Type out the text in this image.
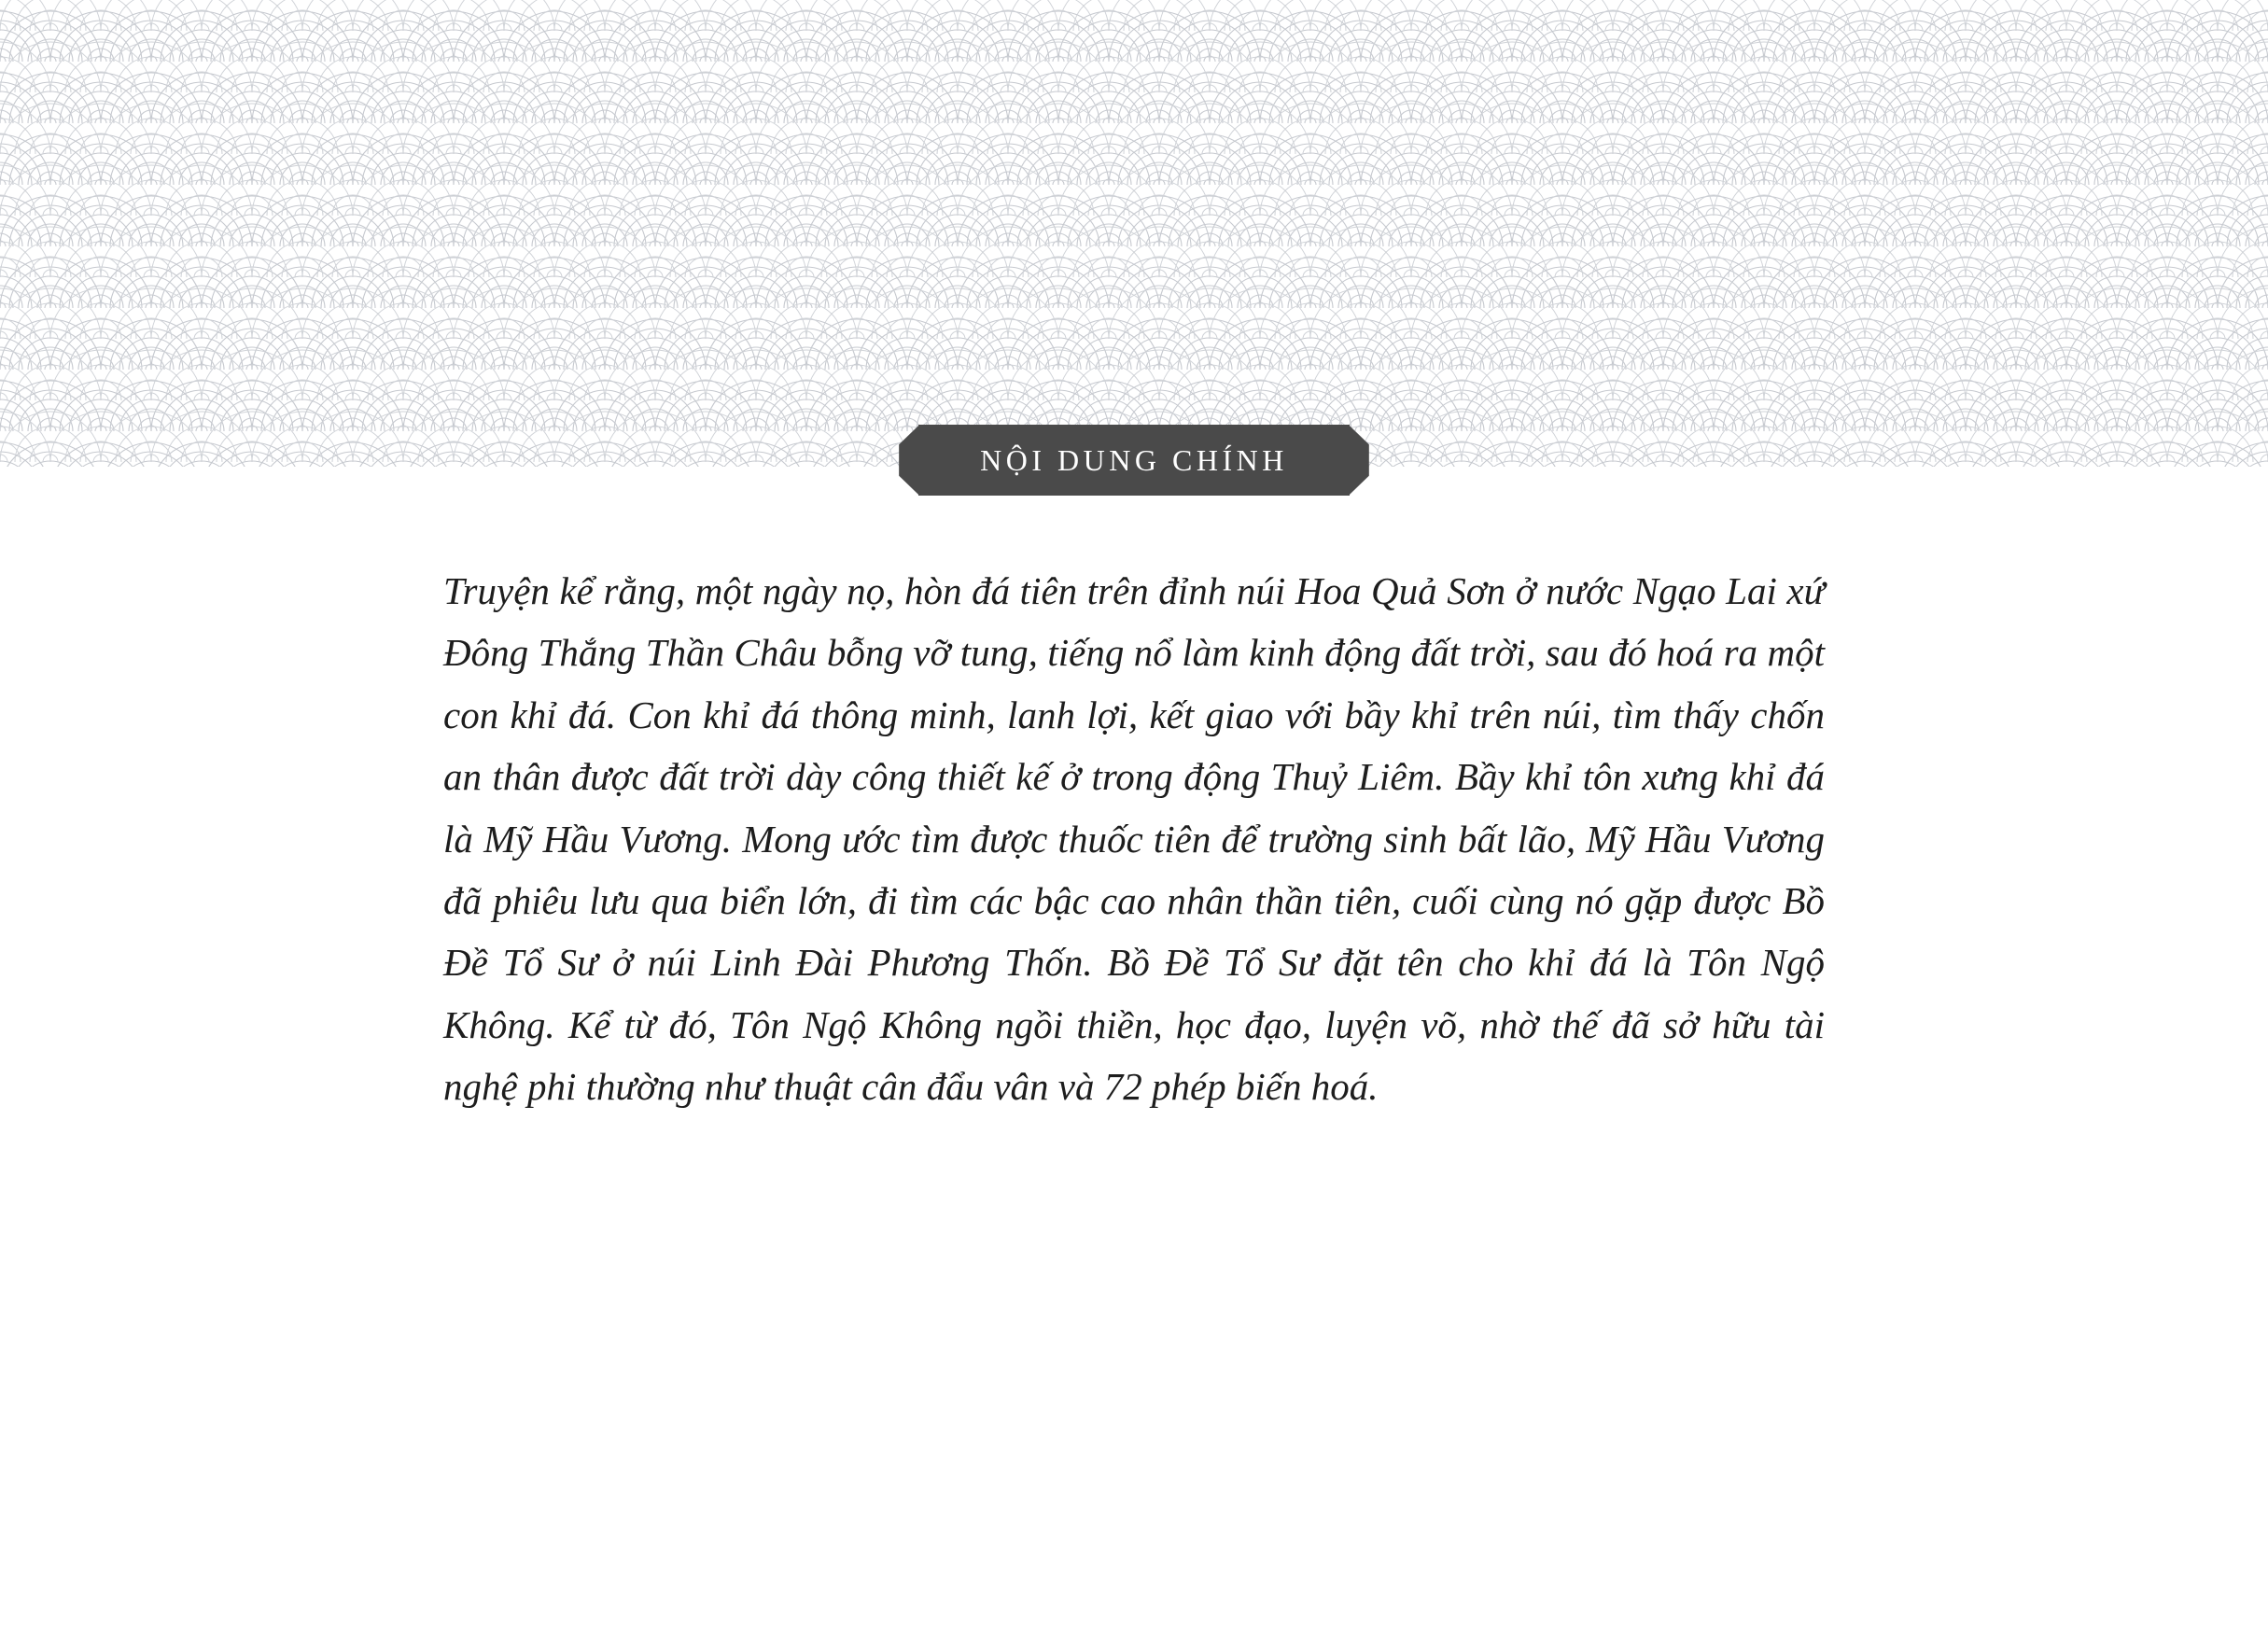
NỘI DUNG CHÍNH

Truyện kể rằng, một ngày nọ, hòn đá tiên trên đỉnh núi Hoa Quả Sơn ở nước Ngạo Lai xứ Đông Thắng Thần Châu bỗng vỡ tung, tiếng nổ làm kinh động đất trời, sau đó hoá ra một con khỉ đá. Con khỉ đá thông minh, lanh lợi, kết giao với bầy khỉ trên núi, tìm thấy chốn an thân được đất trời dày công thiết kế ở trong động Thuỷ Liêm. Bầy khỉ tôn xưng khỉ đá là Mỹ Hầu Vương. Mong ước tìm được thuốc tiên để trường sinh bất lão, Mỹ Hầu Vương đã phiêu lưu qua biển lớn, đi tìm các bậc cao nhân thần tiên, cuối cùng nó gặp được Bồ Đề Tổ Sư ở núi Linh Đài Phương Thốn. Bồ Đề Tổ Sư đặt tên cho khỉ đá là Tôn Ngộ Không. Kể từ đó, Tôn Ngộ Không ngồi thiền, học đạo, luyện võ, nhờ thế đã sở hữu tài nghệ phi thường như thuật cân đẩu vân và 72 phép biến hoá.
